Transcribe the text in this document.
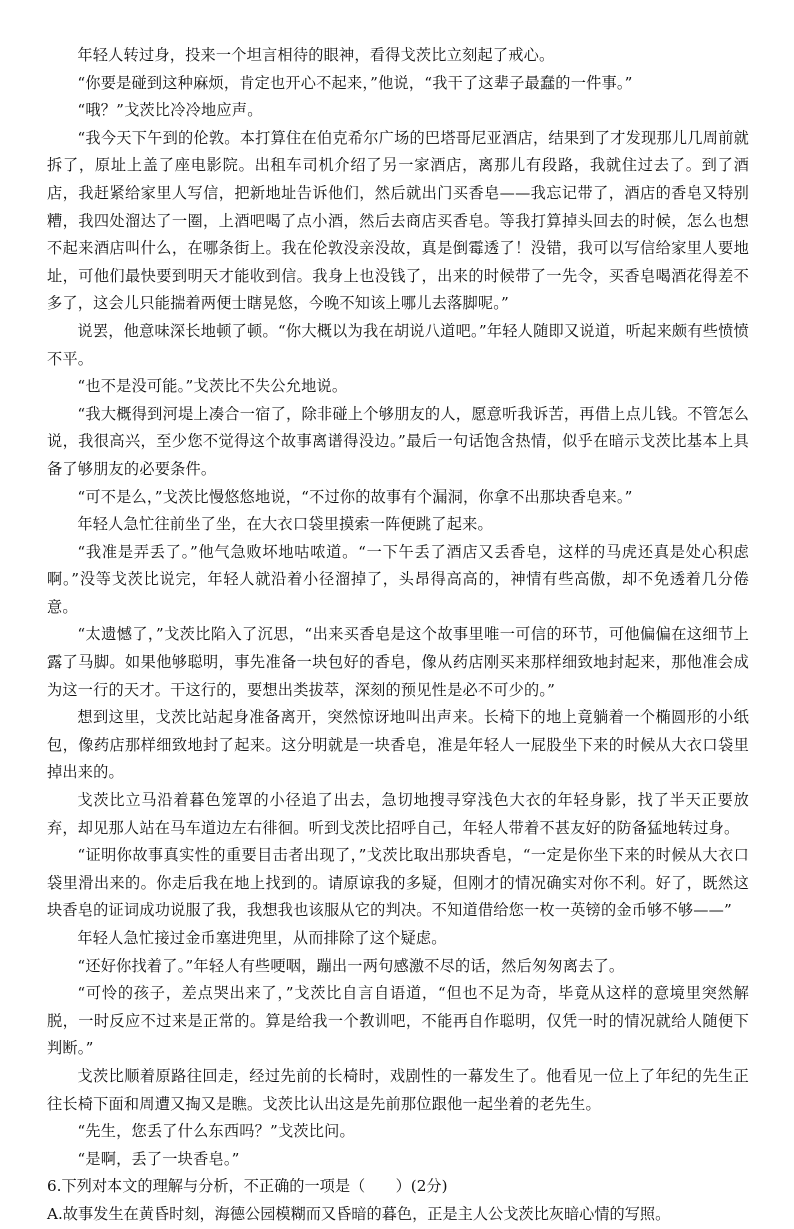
年轻人转过身，投来一个坦言相待的眼神，看得戈茨比立刻起了戒心。

“你要是碰到这种麻烦，肯定也开心不起来，”他说，“我干了这辈子最蠢的一件事。”

“哦？”戈茨比冷冷地应声。

“我今天下午到的伦敦。本打算住在伯克希尔广场的巴塔哥尼亚酒店，结果到了才发现那儿几周前就拆了，原址上盖了座电影院。出租车司机介绍了另一家酒店，离那儿有段路，我就住过去了。到了酒店，我赶紧给家里人写信，把新地址告诉他们，然后就出门买香皂——我忘记带了，酒店的香皂又特别糟，我四处溜达了一圈，上酒吧喝了点小酒，然后去商店买香皂。等我打算掉头回去的时候，怎么也想不起来酒店叫什么，在哪条街上。我在伦敦没亲没故，真是倒霉透了！没错，我可以写信给家里人要地址，可他们最快要到明天才能收到信。我身上也没钱了，出来的时候带了一先令，买香皂喝酒花得差不多了，这会儿只能揣着两便士瞎晃悠，今晚不知该上哪儿去落脚呢。”

说罢，他意味深长地顿了顿。“你大概以为我在胡说八道吧。”年轻人随即又说道，听起来颇有些愤愤不平。

“也不是没可能。”戈茨比不失公允地说。

“我大概得到河堤上凑合一宿了，除非碰上个够朋友的人，愿意听我诉苦，再借上点儿钱。不管怎么说，我很高兴，至少您不觉得这个故事离谱得没边。”最后一句话饱含热情，似乎在暗示戈茨比基本上具备了够朋友的必要条件。

“可不是么，”戈茨比慢悠悠地说，“不过你的故事有个漏洞，你拿不出那块香皂来。”

年轻人急忙往前坐了坐，在大衣口袋里摸索一阵便跳了起来。

“我准是弄丢了。”他气急败坏地咕哝道。“一下午丢了酒店又丢香皂，这样的马虎还真是处心积虑啊。”没等戈茨比说完，年轻人就沿着小径溜掉了，头昂得高高的，神情有些高傲，却不免透着几分倦意。

“太遗憾了，”戈茨比陷入了沉思，“出来买香皂是这个故事里唯一可信的环节，可他偏偏在这细节上露了马脚。如果他够聪明，事先准备一块包好的香皂，像从药店刚买来那样细致地封起来，那他准会成为这一行的天才。干这行的，要想出类拔萃，深刻的预见性是必不可少的。”

想到这里，戈茨比站起身准备离开，突然惊讶地叫出声来。长椅下的地上竟躺着一个椭圆形的小纸包，像药店那样细致地封了起来。这分明就是一块香皂，准是年轻人一屁股坐下来的时候从大衣口袋里掉出来的。

戈茨比立马沿着暮色笼罩的小径追了出去，急切地搜寻穿浅色大衣的年轻身影，找了半天正要放弃，却见那人站在马车道边左右徘徊。听到戈茨比招呼自己，年轻人带着不甚友好的防备猛地转过身。

“证明你故事真实性的重要目击者出现了，”戈茨比取出那块香皂，“一定是你坐下来的时候从大衣口袋里滑出来的。你走后我在地上找到的。请原谅我的多疑，但刚才的情况确实对你不利。好了，既然这块香皂的证词成功说服了我，我想我也该服从它的判决。不知道借给您一枚一英镑的金币够不够——”

年轻人急忙接过金币塞进兜里，从而排除了这个疑虑。

“还好你找着了。”年轻人有些哽咽，蹦出一两句感激不尽的话，然后匆匆离去了。

“可怜的孩子，差点哭出来了，”戈茨比自言自语道，“但也不足为奇，毕竟从这样的意境里突然解脱，一时反应不过来是正常的。算是给我一个教训吧，不能再自作聪明，仅凭一时的情况就给人随便下判断。”

戈茨比顺着原路往回走，经过先前的长椅时，戏剧性的一幕发生了。他看见一位上了年纪的先生正往长椅下面和周遭又掏又是瞧。戈茨比认出这是先前那位跟他一起坐着的老先生。

“先生，您丢了什么东西吗？”戈茨比问。

“是啊，丢了一块香皂。”

6.下列对本文的理解与分析，不正确的一项是（　　）(2分)

A.故事发生在黄昏时刻，海德公园模糊而又昏暗的暮色，正是主人公戈茨比灰暗心情的写照。
